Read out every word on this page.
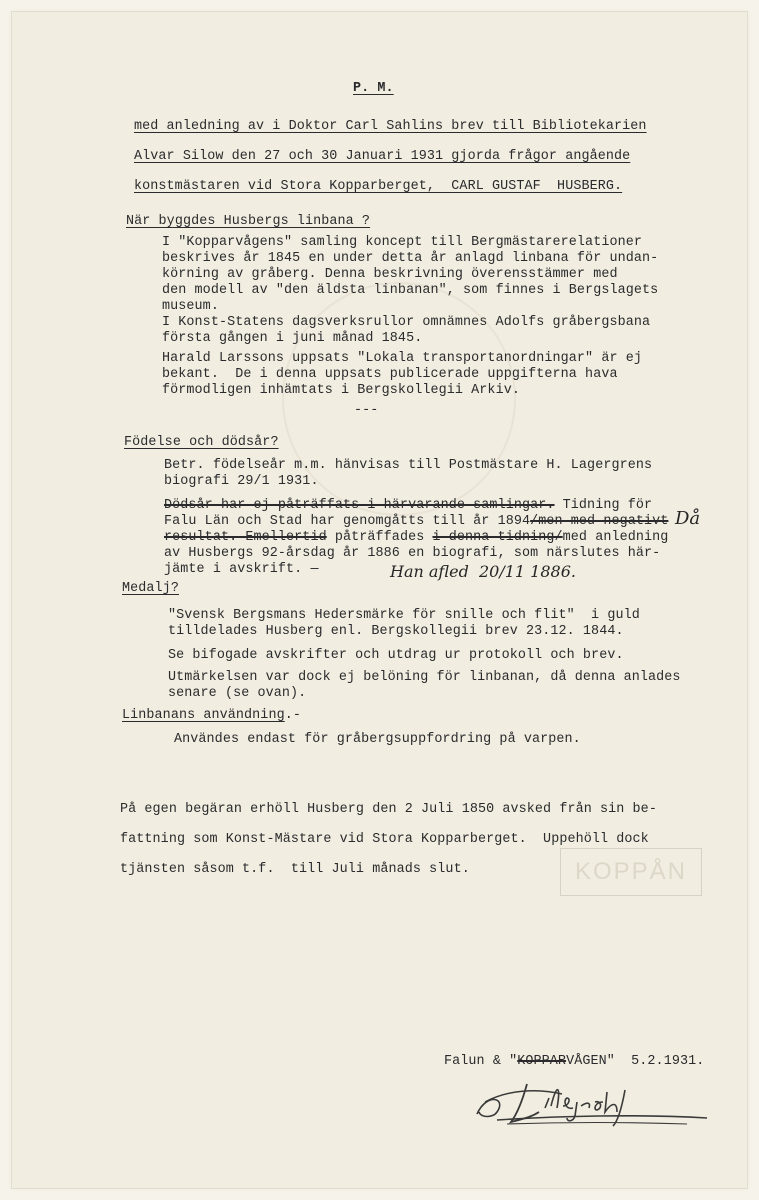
KOPPÅN
P. M.
med anledning av i Doktor Carl Sahlins brev till Bibliotekarien
Alvar Silow den 27 och 30 Januari 1931 gjorda frågor angående
konstmästaren vid Stora Kopparberget,  CARL GUSTAF  HUSBERG.
När byggdes Husbergs linbana ?
I "Kopparvågens" samling koncept till Bergmästarerelationer
beskrives år 1845 en under detta år anlagd linbana för undan-
körning av gråberg. Denna beskrivning överensstämmer med
den modell av "den äldsta linbanan", som finnes i Bergslagets
museum.
I Konst-Statens dagsverksrullor omnämnes Adolfs gråbergsbana
första gången i juni månad 1845.
Harald Larssons uppsats "Lokala transportanordningar" är ej
bekant.  De i denna uppsats publicerade uppgifterna hava
förmodligen inhämtats i Bergskollegii Arkiv.
---
Födelse och dödsår?
Betr. födelseår m.m. hänvisas till Postmästare H. Lagergrens
biografi 29/1 1931.
Dödsår har ej påträffats i härvarande samlingar. Tidning för
Falu Län och Stad har genomgåtts till år 1894/men med negativt Då
resultat. Emellertid påträffades i denna tidning/med anledning
av Husbergs 92-årsdag år 1886 en biografi, som närslutes här-
jämte i avskrift. —	Han afled  20/11 1886.
Medalj?
"Svensk Bergsmans Hedersmärke för snille och flit"  i guld
tilldelades Husberg enl. Bergskollegii brev 23.12. 1844.
Se bifogade avskrifter och utdrag ur protokoll och brev.
Utmärkelsen var dock ej belöning för linbanan, då denna anlades
senare (se ovan).
Linbanans användning.-
Användes endast för gråbergsuppfordring på varpen.
På egen begäran erhöll Husberg den 2 Juli 1850 avsked från sin be-
fattning som Konst-Mästare vid Stora Kopparberget.  Uppehöll dock
tjänsten såsom t.f.  till Juli månads slut.
Falun & "KOPPARVÅGEN"  5.2.1931.
